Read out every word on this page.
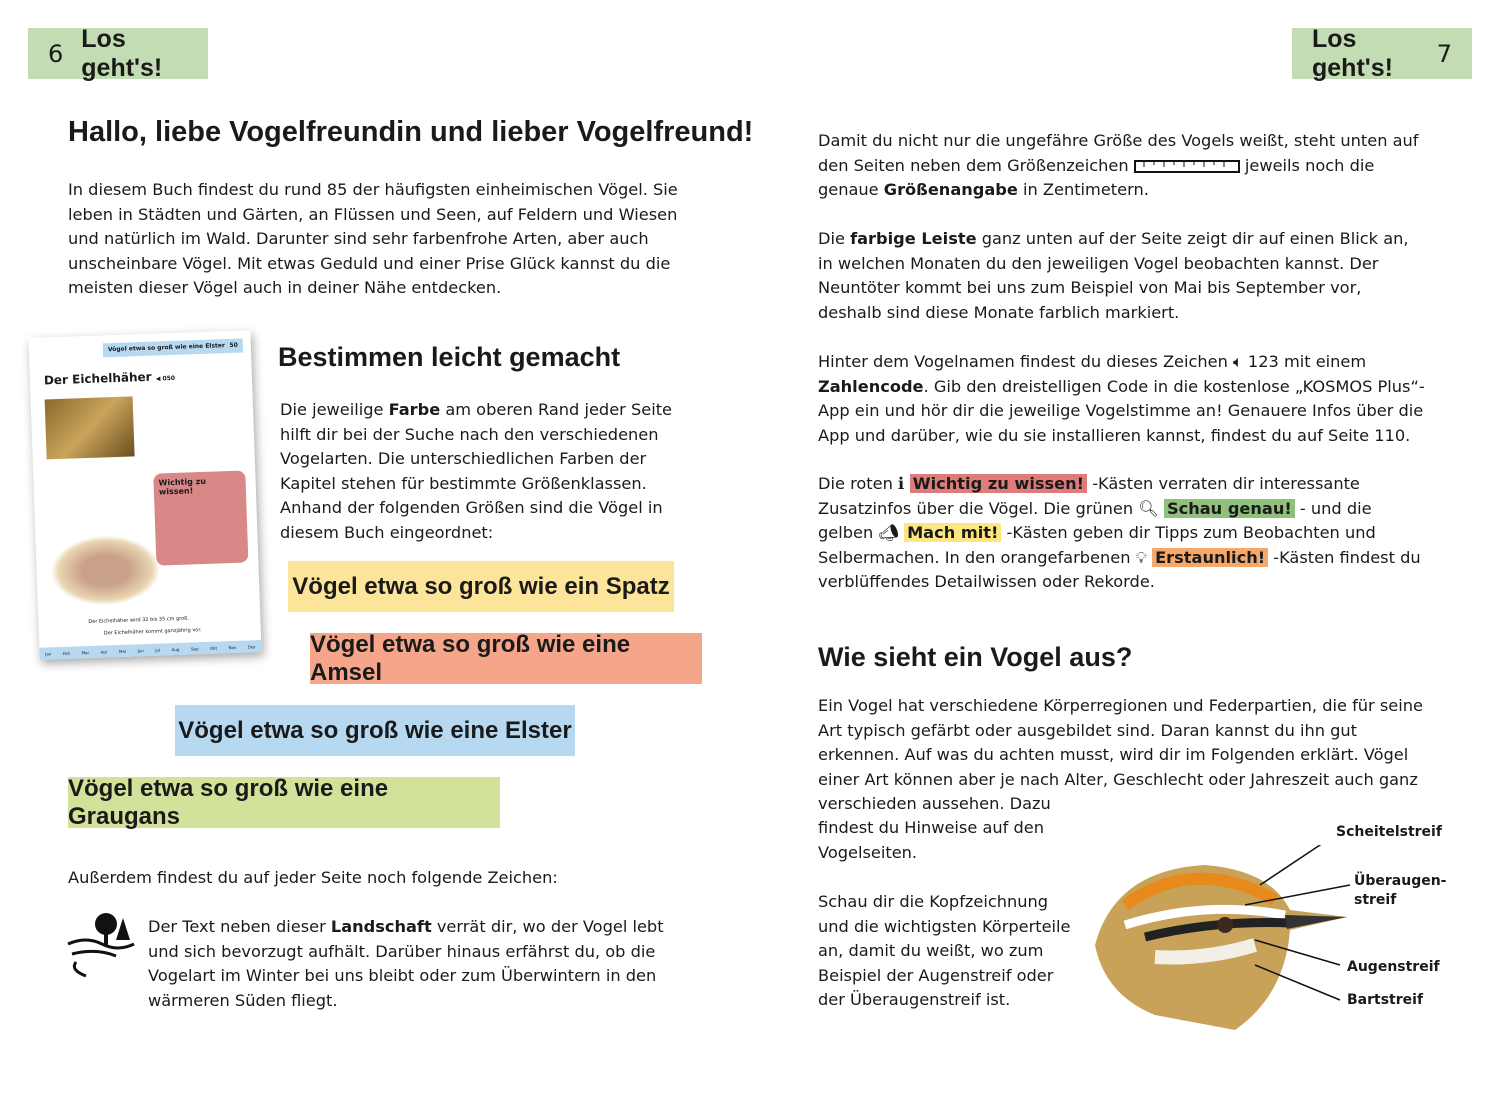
6
Los geht's!
Los geht's!	7
Hallo, liebe Vogelfreundin und lieber Vogelfreund!
In diesem Buch findest du rund 85 der häufigsten einheimischen Vögel. Sie leben in Städten und Gärten, an Flüssen und Seen, auf Feldern und Wiesen und natürlich im Wald. Darunter sind sehr farbenfrohe Arten, aber auch unscheinbare Vögel. Mit etwas Geduld und einer Prise Glück kannst du die meisten dieser Vögel auch in deiner Nähe entdecken.
Vögel etwa so groß wie eine Elster 50
Der Eichelhäher ◀ 050
Wichtig zu wissen!
Der Eichelhäher wird 32 bis 35 cm groß.
Der Eichelhäher kommt ganzjährig vor.
Jan	Feb	Mar	Apr	Mai	Jun	Jul	Aug	Sep	Okt	Nov	Dez
Bestimmen leicht gemacht
Die jeweilige Farbe am oberen Rand jeder Seite hilft dir bei der Suche nach den verschiedenen Vogelarten. Die unterschiedlichen Farben der Kapitel stehen für bestimmte Größenklassen. Anhand der folgenden Größen sind die Vögel in diesem Buch eingeordnet:
Vögel etwa so groß wie ein Spatz
Vögel etwa so groß wie eine Amsel
Vögel etwa so groß wie eine Elster
Vögel etwa so groß wie eine Graugans
Außerdem findest du auf jeder Seite noch folgende Zeichen:
Der Text neben dieser Landschaft verrät dir, wo der Vogel lebt und sich bevorzugt aufhält. Darüber hinaus erfährst du, ob die Vogelart im Winter bei uns bleibt oder zum Überwintern in den wärmeren Süden fliegt.
Damit du nicht nur die ungefähre Größe des Vogels weißt, steht unten auf den Seiten neben dem Größenzeichen	jeweils noch die genaue Größenangabe in Zentimetern.
Die farbige Leiste ganz unten auf der Seite zeigt dir auf einen Blick an, in welchen Monaten du den jeweiligen Vogel beobachten kannst. Der Neuntöter kommt bei uns zum Beispiel von Mai bis September vor, deshalb sind diese Monate farblich markiert.
Hinter dem Vogelnamen findest du dieses Zeichen 🔈︎ 123 mit einem Zahlencode. Gib den dreistelligen Code in die kostenlose „KOSMOS Plus“-App ein und hör dir die jeweilige Vogelstimme an! Genauere Infos über die App und darüber, wie du sie installieren kannst, findest du auf Seite 110.
Die roten ℹ︎ Wichtig zu wissen! -Kästen verraten dir interessante Zusatzinfos über die Vögel. Die grünen 🔍︎ Schau genau! - und die gelben 📣︎ Mach mit! -Kästen geben dir Tipps zum Beobachten und Selbermachen. In den orangefarbenen 💡︎ Erstaunlich! -Kästen findest du verblüffendes Detailwissen oder Rekorde.
Wie sieht ein Vogel aus?
Ein Vogel hat verschiedene Körperregionen und Federpartien, die für seine Art typisch gefärbt oder ausgebildet sind. Daran kannst du ihn gut erkennen. Auf was du achten musst, wird dir im Folgenden erklärt. Vögel einer Art können aber je nach Alter, Geschlecht oder Jahreszeit auch ganz verschieden aussehen. Dazu
findest du Hinweise auf den Vogelseiten.
Schau dir die Kopfzeichnung und die wichtigsten Körperteile an, damit du weißt, wo zum Beispiel der Augenstreif oder der Überaugenstreif ist.
Scheitelstreif
Überaugen-
streif
Augenstreif
Bartstreif
